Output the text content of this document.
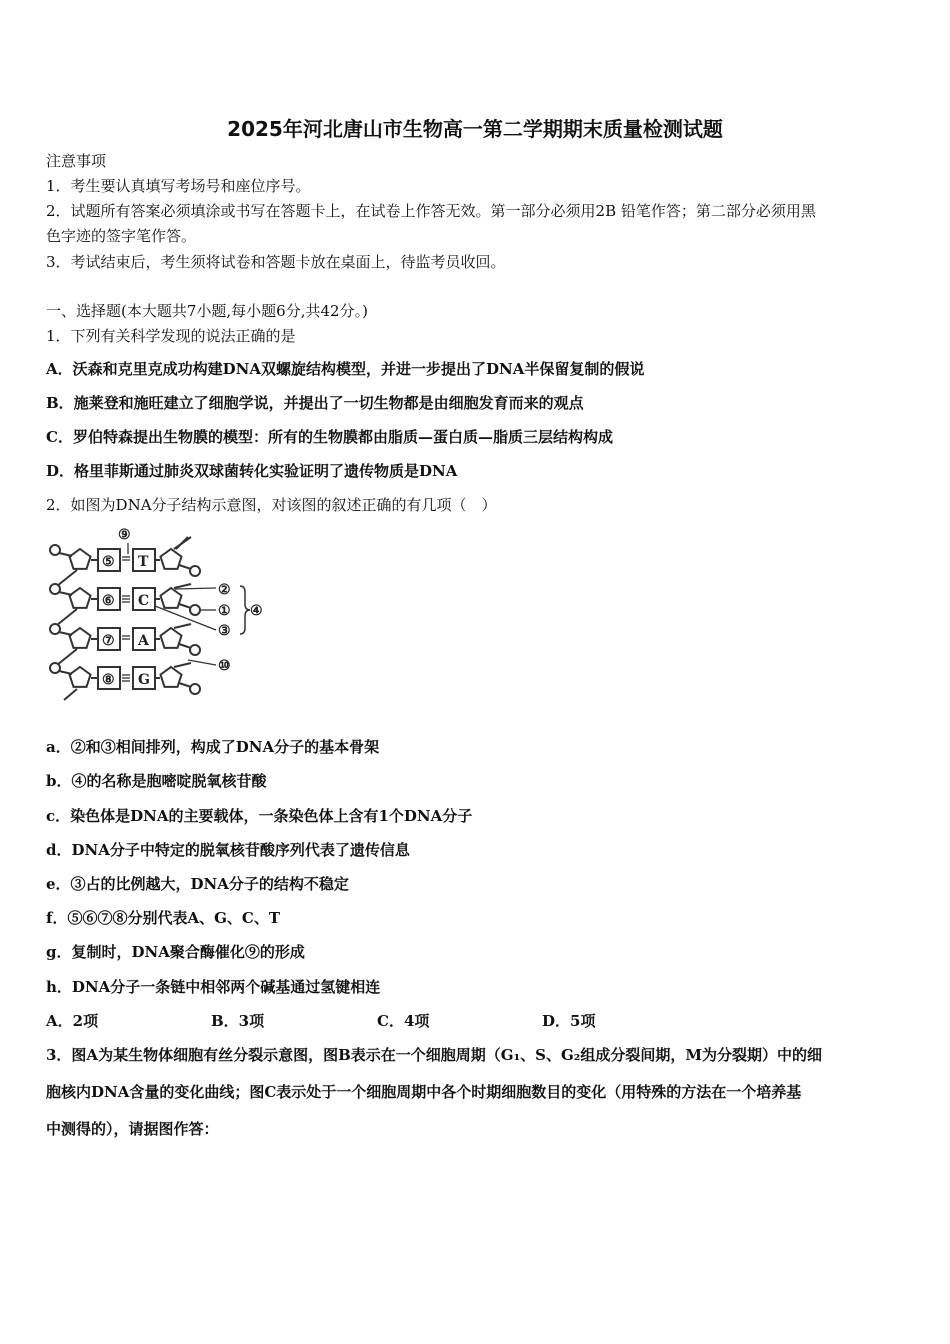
2025年河北唐山市生物高一第二学期期末质量检测试题
注意事项
1．考生要认真填写考场号和座位序号。
2．试题所有答案必须填涂或书写在答题卡上，在试卷上作答无效。第一部分必须用2B 铅笔作答；第二部分必须用黑
色字迹的签字笔作答。
3．考试结束后，考生须将试卷和答题卡放在桌面上，待监考员收回。
一、选择题(本大题共7小题,每小题6分,共42分。)
1．下列有关科学发现的说法正确的是
A．沃森和克里克成功构建DNA双螺旋结构模型，并进一步提出了DNA半保留复制的假说
B．施莱登和施旺建立了细胞学说，并提出了一切生物都是由细胞发育而来的观点
C．罗伯特森提出生物膜的模型：所有的生物膜都由脂质—蛋白质—脂质三层结构构成
D．格里菲斯通过肺炎双球菌转化实验证明了遗传物质是DNA
2．如图为DNA分子结构示意图，对该图的叙述正确的有几项（　）
⑤
⑥
⑦
⑧
T
C
A
G
⑨
②
①
③
④
⑩
a．②和③相间排列，构成了DNA分子的基本骨架
b．④的名称是胞嘧啶脱氧核苷酸
c．染色体是DNA的主要载体，一条染色体上含有1个DNA分子
d．DNA分子中特定的脱氧核苷酸序列代表了遗传信息
e．③占的比例越大，DNA分子的结构不稳定
f．⑤⑥⑦⑧分别代表A、G、C、T
g．复制时，DNA聚合酶催化⑨的形成
h．DNA分子一条链中相邻两个碱基通过氢键相连
A．2项	B．3项	C．4项	D．5项
3．图A为某生物体细胞有丝分裂示意图，图B表示在一个细胞周期（G₁、S、G₂组成分裂间期，M为分裂期）中的细
胞核内DNA含量的变化曲线；图C表示处于一个细胞周期中各个时期细胞数目的变化（用特殊的方法在一个培养基
中测得的），请据图作答：
